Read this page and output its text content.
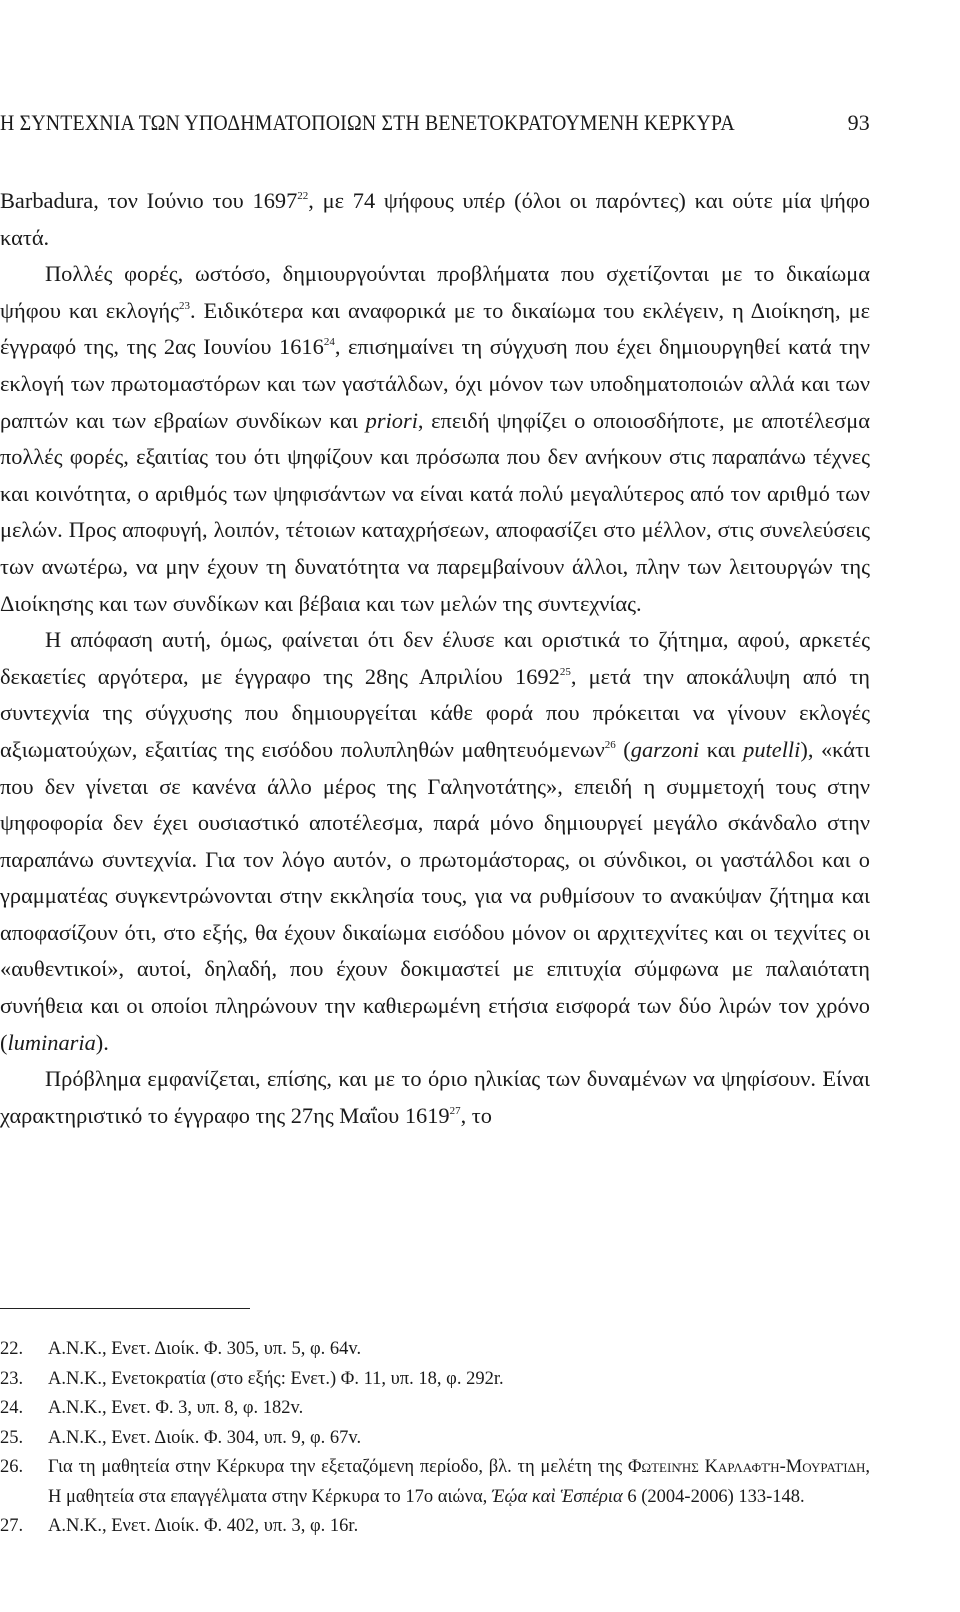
Η ΣΥΝΤΕΧΝΙΑ ΤΩΝ ΥΠΟΔΗΜΑΤΟΠΟΙΩΝ ΣΤΗ ΒΕΝΕΤΟΚΡΑΤΟΥΜΕΝΗ ΚΕΡΚΥΡΑ	93

Barbadura, τον Ιούνιο του 1697$^{22}$, με 74 ψήφους υπέρ (όλοι οι παρόντες) και ούτε μία ψήφο κατά.

Πολλές φορές, ωστόσο, δημιουργούνται προβλήματα που σχετίζονται με το δικαίωμα ψήφου και εκλογής$^{23}$. Ειδικότερα και αναφορικά με το δικαίωμα του εκλέγειν, η Διοίκηση, με έγγραφό της, της 2ας Ιουνίου 1616$^{24}$, επισημαίνει τη σύγχυση που έχει δημιουργηθεί κατά την εκλογή των πρωτομαστόρων και των γαστάλδων, όχι μόνον των υποδηματοποιών αλλά και των ραπτών και των εβραίων συνδίκων και priori, επειδή ψηφίζει ο οποιοσδήποτε, με αποτέλεσμα πολλές φορές, εξαιτίας του ότι ψηφίζουν και πρόσωπα που δεν ανήκουν στις παραπάνω τέχνες και κοινότητα, ο αριθμός των ψηφισάντων να είναι κατά πολύ μεγαλύτερος από τον αριθμό των μελών. Προς αποφυγή, λοιπόν, τέτοιων καταχρήσεων, αποφασίζει στο μέλλον, στις συνελεύσεις των ανωτέρω, να μην έχουν τη δυνατότητα να παρεμβαίνουν άλλοι, πλην των λειτουργών της Διοίκησης και των συνδίκων και βέβαια και των μελών της συντεχνίας.

Η απόφαση αυτή, όμως, φαίνεται ότι δεν έλυσε και οριστικά το ζήτημα, αφού, αρκετές δεκαετίες αργότερα, με έγγραφο της 28ης Απριλίου 1692$^{25}$, μετά την αποκάλυψη από τη συντεχνία της σύγχυσης που δημιουργείται κάθε φορά που πρόκειται να γίνουν εκλογές αξιωματούχων, εξαιτίας της εισόδου πολυπληθών μαθητευόμενων$^{26}$ (garzoni και putelli), «κάτι που δεν γίνεται σε κανένα άλλο μέρος της Γαληνοτάτης», επειδή η συμμετοχή τους στην ψηφοφορία δεν έχει ουσιαστικό αποτέλεσμα, παρά μόνο δημιουργεί μεγάλο σκάνδαλο στην παραπάνω συντεχνία. Για τον λόγο αυτόν, ο πρωτομάστορας, οι σύνδικοι, οι γαστάλδοι και ο γραμματέας συγκεντρώνονται στην εκκλησία τους, για να ρυθμίσουν το ανακύψαν ζήτημα και αποφασίζουν ότι, στο εξής, θα έχουν δικαίωμα εισόδου μόνον οι αρχιτεχνίτες και οι τεχνίτες οι «αυθεντικοί», αυτοί, δηλαδή, που έχουν δοκιμαστεί με επιτυχία σύμφωνα με παλαιότατη συνήθεια και οι οποίοι πληρώνουν την καθιερωμένη ετήσια εισφορά των δύο λιρών τον χρόνο (luminaria).

Πρόβλημα εμφανίζεται, επίσης, και με το όριο ηλικίας των δυναμένων να ψηφίσουν. Είναι χαρακτηριστικό το έγγραφο της 27ης Μαΐου 1619$^{27}$, το

22. Α.Ν.Κ., Ενετ. Διοίκ. Φ. 305, υπ. 5, φ. 64v.
23. Α.Ν.Κ., Ενετοκρατία (στο εξής: Ενετ.) Φ. 11, υπ. 18, φ. 292r.
24. Α.Ν.Κ., Ενετ. Φ. 3, υπ. 8, φ. 182v.
25. Α.Ν.Κ., Ενετ. Διοίκ. Φ. 304, υπ. 9, φ. 67v.
26. Για τη μαθητεία στην Κέρκυρα την εξεταζόμενη περίοδο, βλ. τη μελέτη της Φωτεινής Καρλαφτή-Μουρατίδη, Η μαθητεία στα επαγγέλματα στην Κέρκυρα το 17ο αιώνα, Έῴα καὶ Ἑσπέρια 6 (2004-2006) 133-148.
27. Α.Ν.Κ., Ενετ. Διοίκ. Φ. 402, υπ. 3, φ. 16r.
